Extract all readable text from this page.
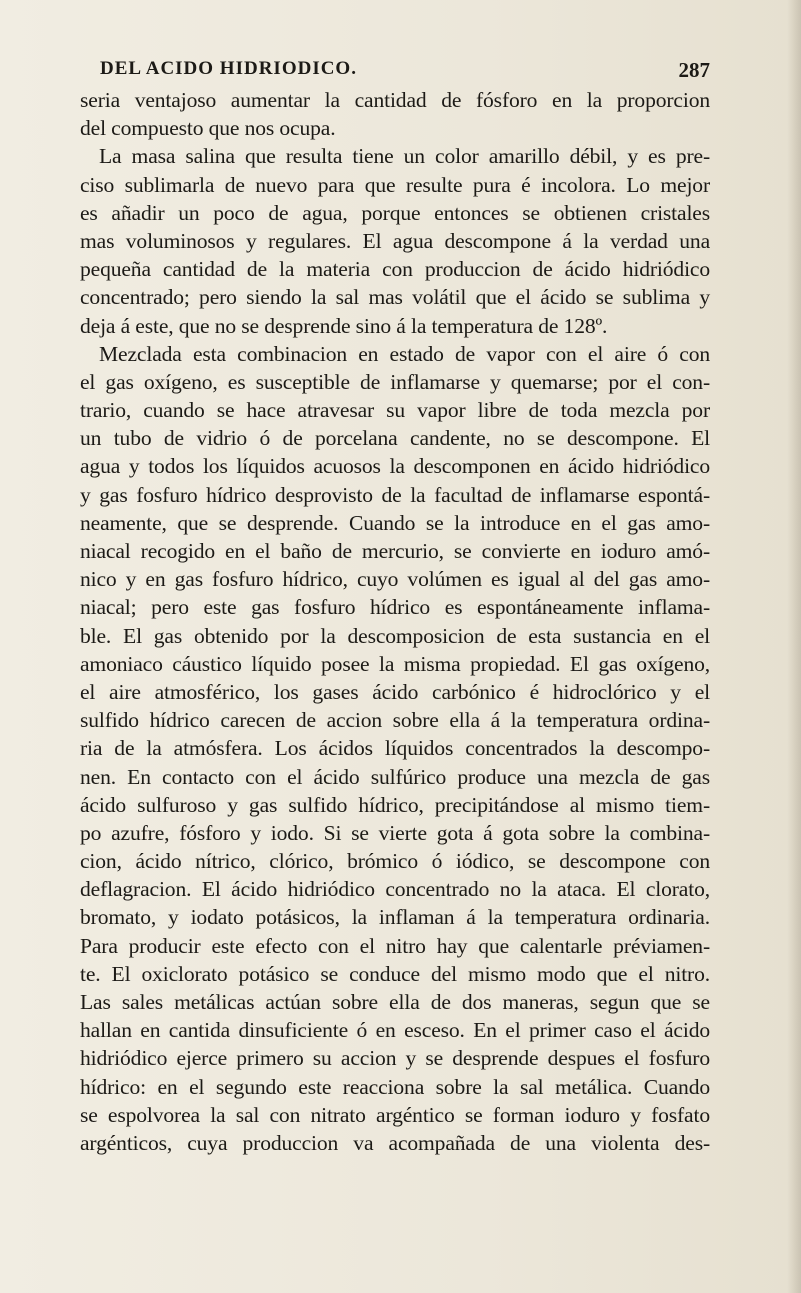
DEL ACIDO HIDRIODICO.	287
seria ventajoso aumentar la cantidad de fósforo en la proporcion
del compuesto que nos ocupa.
La masa salina que resulta tiene un color amarillo débil, y es pre-
ciso sublimarla de nuevo para que resulte pura é incolora. Lo mejor
es añadir un poco de agua, porque entonces se obtienen cristales
mas voluminosos y regulares. El agua descompone á la verdad una
pequeña cantidad de la materia con produccion de ácido hidriódico
concentrado; pero siendo la sal mas volátil que el ácido se sublima y
deja á este, que no se desprende sino á la temperatura de 128º.
Mezclada esta combinacion en estado de vapor con el aire ó con
el gas oxígeno, es susceptible de inflamarse y quemarse; por el con-
trario, cuando se hace atravesar su vapor libre de toda mezcla por
un tubo de vidrio ó de porcelana candente, no se descompone. El
agua y todos los líquidos acuosos la descomponen en ácido hidriódico
y gas fosfuro hídrico desprovisto de la facultad de inflamarse espontá-
neamente, que se desprende. Cuando se la introduce en el gas amo-
niacal recogido en el baño de mercurio, se convierte en ioduro amó-
nico y en gas fosfuro hídrico, cuyo volúmen es igual al del gas amo-
niacal; pero este gas fosfuro hídrico es espontáneamente inflama-
ble. El gas obtenido por la descomposicion de esta sustancia en el
amoniaco cáustico líquido posee la misma propiedad. El gas oxígeno,
el aire atmosférico, los gases ácido carbónico é hidroclórico y el
sulfido hídrico carecen de accion sobre ella á la temperatura ordina-
ria de la atmósfera. Los ácidos líquidos concentrados la descompo-
nen. En contacto con el ácido sulfúrico produce una mezcla de gas
ácido sulfuroso y gas sulfido hídrico, precipitándose al mismo tiem-
po azufre, fósforo y iodo. Si se vierte gota á gota sobre la combina-
cion, ácido nítrico, clórico, brómico ó iódico, se descompone con
deflagracion. El ácido hidriódico concentrado no la ataca. El clorato,
bromato, y iodato potásicos, la inflaman á la temperatura ordinaria.
Para producir este efecto con el nitro hay que calentarle préviamen-
te. El oxiclorato potásico se conduce del mismo modo que el nitro.
Las sales metálicas actúan sobre ella de dos maneras, segun que se
hallan en cantida dinsuficiente ó en esceso. En el primer caso el ácido
hidriódico ejerce primero su accion y se desprende despues el fosfuro
hídrico: en el segundo este reacciona sobre la sal metálica. Cuando
se espolvorea la sal con nitrato argéntico se forman ioduro y fosfato
argénticos, cuya produccion va acompañada de una violenta des-
